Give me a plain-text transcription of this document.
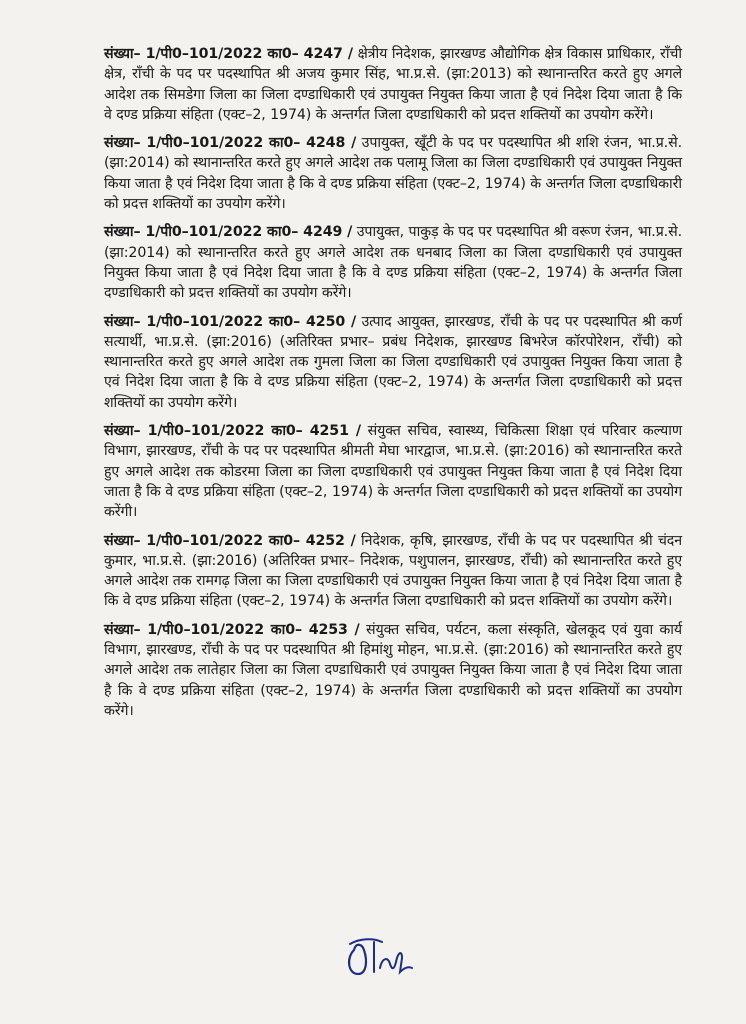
संख्या– 1/पी0–101/2022 का0– 4247 / क्षेत्रीय निदेशक, झारखण्ड औद्योगिक क्षेत्र विकास प्राधिकार, राँची क्षेत्र, राँची के पद पर पदस्थापित श्री अजय कुमार सिंह, भा.प्र.से. (झा:2013) को स्थानान्तरित करते हुए अगले आदेश तक सिमडेगा जिला का जिला दण्डाधिकारी एवं उपायुक्त नियुक्त किया जाता है एवं निदेश दिया जाता है कि वे दण्ड प्रक्रिया संहिता (एक्ट–2, 1974) के अन्तर्गत जिला दण्डाधिकारी को प्रदत्त शक्तियों का उपयोग करेंगे।

संख्या– 1/पी0–101/2022 का0– 4248 / उपायुक्त, खूँटी के पद पर पदस्थापित श्री शशि रंजन, भा.प्र.से. (झा:2014) को स्थानान्तरित करते हुए अगले आदेश तक पलामू जिला का जिला दण्डाधिकारी एवं उपायुक्त नियुक्त किया जाता है एवं निदेश दिया जाता है कि वे दण्ड प्रक्रिया संहिता (एक्ट–2, 1974) के अन्तर्गत जिला दण्डाधिकारी को प्रदत्त शक्तियों का उपयोग करेंगे।

संख्या– 1/पी0–101/2022 का0– 4249 / उपायुक्त, पाकुड़ के पद पर पदस्थापित श्री वरूण रंजन, भा.प्र.से. (झा:2014) को स्थानान्तरित करते हुए अगले आदेश तक धनबाद जिला का जिला दण्डाधिकारी एवं उपायुक्त नियुक्त किया जाता है एवं निदेश दिया जाता है कि वे दण्ड प्रक्रिया संहिता (एक्ट–2, 1974) के अन्तर्गत जिला दण्डाधिकारी को प्रदत्त शक्तियों का उपयोग करेंगे।

संख्या– 1/पी0–101/2022 का0– 4250 / उत्पाद आयुक्त, झारखण्ड, राँची के पद पर पदस्थापित श्री कर्ण सत्यार्थी, भा.प्र.से. (झा:2016) (अतिरिक्त प्रभार– प्रबंध निदेशक, झारखण्ड बिभरेज कॉरपोरेशन, राँची) को स्थानान्तरित करते हुए अगले आदेश तक गुमला जिला का जिला दण्डाधिकारी एवं उपायुक्त नियुक्त किया जाता है एवं निदेश दिया जाता है कि वे दण्ड प्रक्रिया संहिता (एक्ट–2, 1974) के अन्तर्गत जिला दण्डाधिकारी को प्रदत्त शक्तियों का उपयोग करेंगे।

संख्या– 1/पी0–101/2022 का0– 4251 / संयुक्त सचिव, स्वास्थ्य, चिकित्सा शिक्षा एवं परिवार कल्याण विभाग, झारखण्ड, राँची के पद पर पदस्थापित श्रीमती मेघा भारद्वाज, भा.प्र.से. (झा:2016) को स्थानान्तरित करते हुए अगले आदेश तक कोडरमा जिला का जिला दण्डाधिकारी एवं उपायुक्त नियुक्त किया जाता है एवं निदेश दिया जाता है कि वे दण्ड प्रक्रिया संहिता (एक्ट–2, 1974) के अन्तर्गत जिला दण्डाधिकारी को प्रदत्त शक्तियों का उपयोग करेंगी।

संख्या– 1/पी0–101/2022 का0– 4252 / निदेशक, कृषि, झारखण्ड, राँची के पद पर पदस्थापित श्री चंदन कुमार, भा.प्र.से. (झा:2016) (अतिरिक्त प्रभार– निदेशक, पशुपालन, झारखण्ड, राँची) को स्थानान्तरित करते हुए अगले आदेश तक रामगढ़ जिला का जिला दण्डाधिकारी एवं उपायुक्त नियुक्त किया जाता है एवं निदेश दिया जाता है कि वे दण्ड प्रक्रिया संहिता (एक्ट–2, 1974) के अन्तर्गत जिला दण्डाधिकारी को प्रदत्त शक्तियों का उपयोग करेंगे।

संख्या– 1/पी0–101/2022 का0– 4253 / संयुक्त सचिव, पर्यटन, कला संस्कृति, खेलकूद एवं युवा कार्य विभाग, झारखण्ड, राँची के पद पर पदस्थापित श्री हिमांशु मोहन, भा.प्र.से. (झा:2016) को स्थानान्तरित करते हुए अगले आदेश तक लातेहार जिला का जिला दण्डाधिकारी एवं उपायुक्त नियुक्त किया जाता है एवं निदेश दिया जाता है कि वे दण्ड प्रक्रिया संहिता (एक्ट–2, 1974) के अन्तर्गत जिला दण्डाधिकारी को प्रदत्त शक्तियों का उपयोग करेंगे।
